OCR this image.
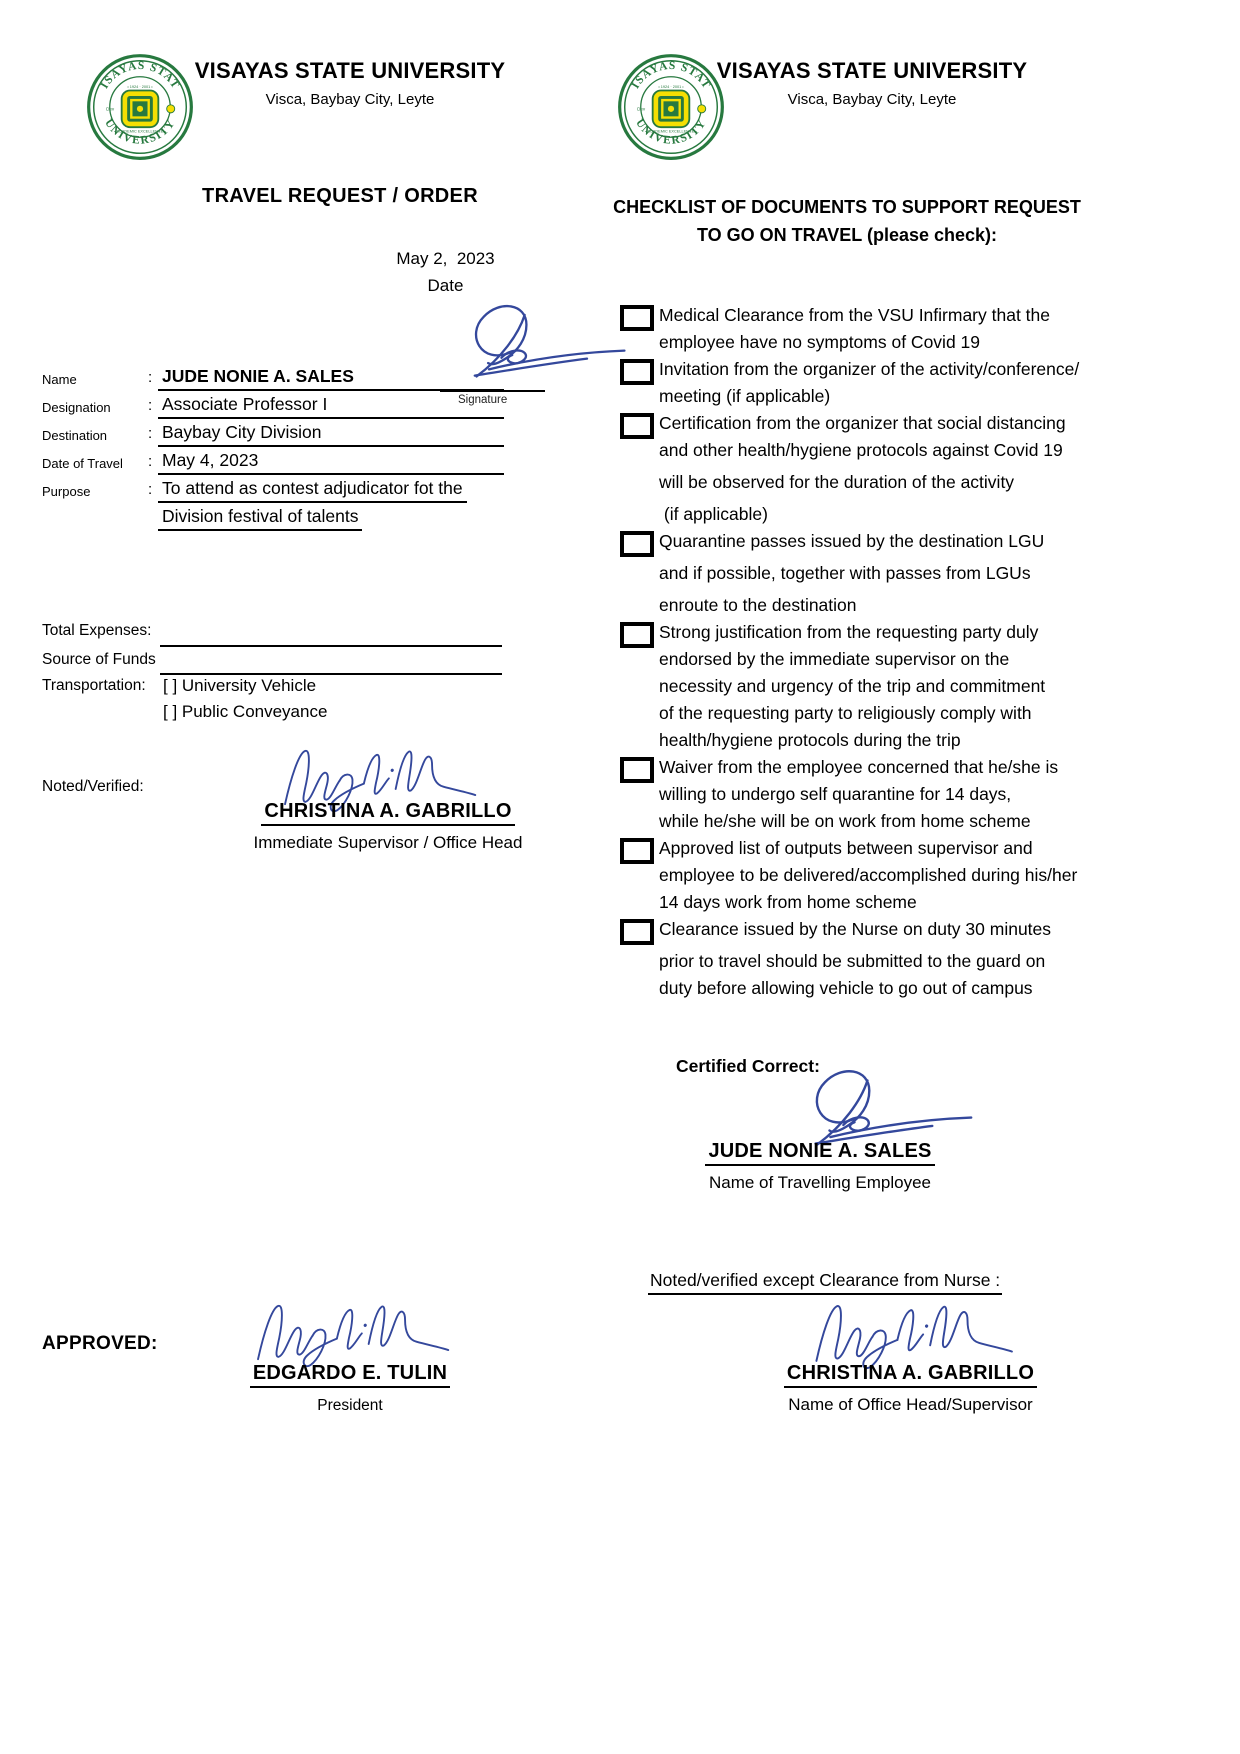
VISAYAS STATE UNIVERSITY
Visca, Baybay City, Leyte
VISAYAS STATE UNIVERSITY
Visca, Baybay City, Leyte
TRAVEL REQUEST / ORDER
May 2,  2023
Date
Signature
Name	: JUDE NONIE A. SALES
Designation : Associate Professor I
Destination	: Baybay City Division
Date of Travel : May 4, 2023
Purpose	: To attend as contest adjudicator fot the
Division festival of talents
Total Expenses:
Source of Funds
Transportation: [ ] University Vehicle
[ ] Public Conveyance
Noted/Verified:
CHRISTINA A. GABRILLO
Immediate Supervisor / Office Head
CHECKLIST OF DOCUMENTS TO SUPPORT REQUEST
TO GO ON TRAVEL (please check):
Medical Clearance from the VSU Infirmary that the
employee have no symptoms of Covid 19
Invitation from the organizer of the activity/conference/
meeting (if applicable)
Certification from the organizer that social distancing
and other health/hygiene protocols against Covid 19
will be observed for the duration of the activity
(if applicable)
Quarantine passes issued by the destination LGU
and if possible, together with passes from LGUs
enroute to the destination
Strong justification from the requesting party duly
endorsed by the immediate supervisor on the
necessity and urgency of the trip and commitment
of the requesting party to religiously comply with
health/hygiene protocols during the trip
Waiver from the employee concerned that he/she is
willing to undergo self quarantine for 14 days,
while he/she will be on work from home scheme
Approved list of outputs between supervisor and
employee to be delivered/accomplished during his/her
14 days work from home scheme
Clearance issued by the Nurse on duty 30 minutes
prior to travel should be submitted to the guard on
duty before allowing vehicle to go out of campus
Certified Correct:
JUDE NONIE A. SALES
Name of Travelling Employee
Noted/verified except Clearance from Nurse :
CHRISTINA A. GABRILLO
Name of Office Head/Supervisor
APPROVED:
EDGARDO E. TULIN
President
